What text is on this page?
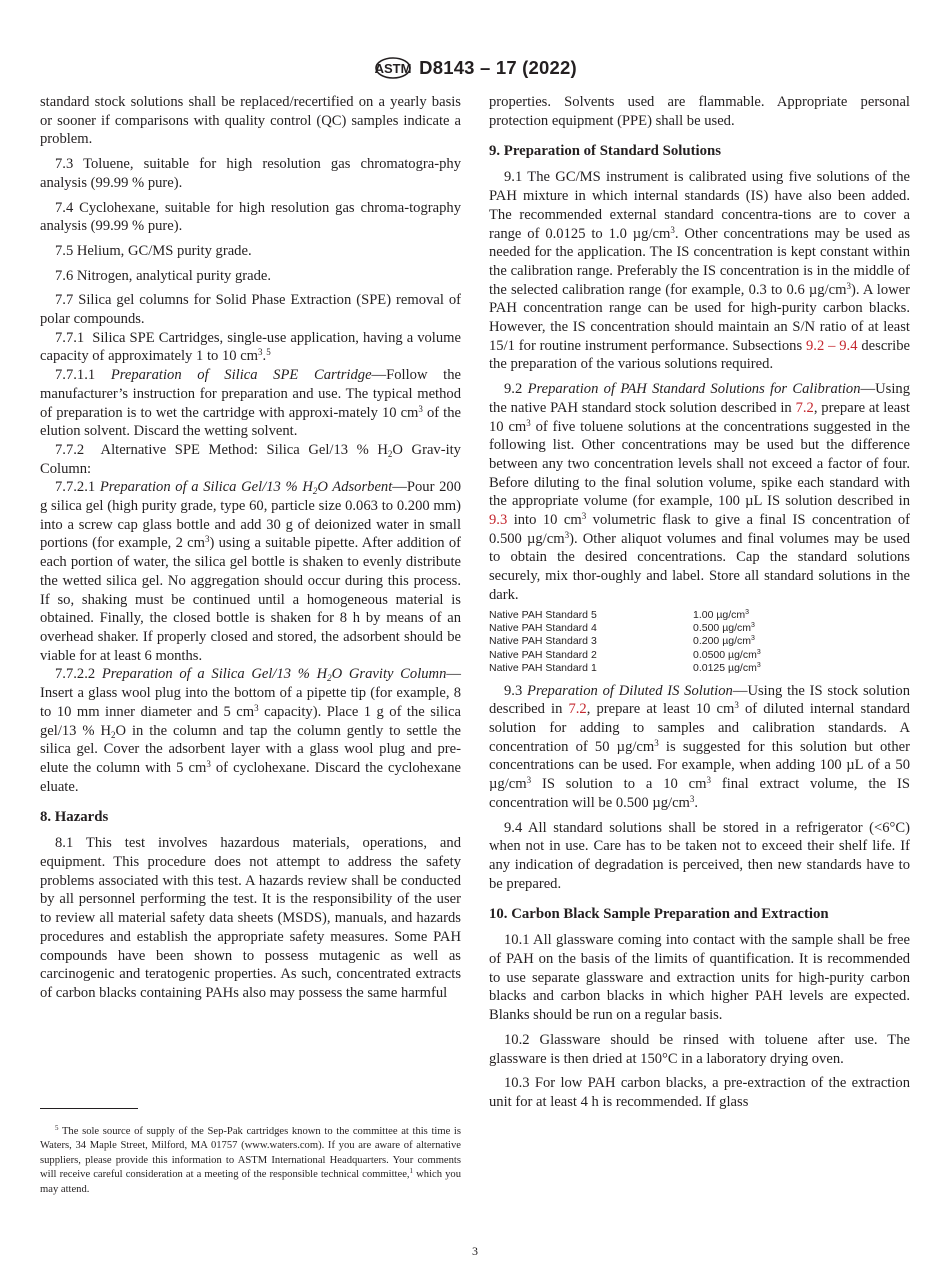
ASTM D8143 – 17 (2022)

standard stock solutions shall be replaced/recertified on a yearly basis or sooner if comparisons with quality control (QC) samples indicate a problem.

7.3 Toluene, suitable for high resolution gas chromatogra-phy analysis (99.99 % pure).

7.4 Cyclohexane, suitable for high resolution gas chroma-tography analysis (99.99 % pure).

7.5 Helium, GC/MS purity grade.

7.6 Nitrogen, analytical purity grade.

7.7 Silica gel columns for Solid Phase Extraction (SPE) removal of polar compounds.

7.7.1 Silica SPE Cartridges, single-use application, having a volume capacity of approximately 1 to 10 $cm^3.^5$

7.7.1.1 Preparation of Silica SPE Cartridge—Follow the manufacturer’s instruction for preparation and use. The typical method of preparation is to wet the cartridge with approxi-mately 10 $cm^3$ of the elution solvent. Discard the wetting solvent.

7.7.2 Alternative SPE Method: Silica Gel/13 % $H_2O$ Grav-ity Column:

7.7.2.1 Preparation of a Silica Gel/13 % $H_2O$ Adsorbent—Pour 200 g silica gel (high purity grade, type 60, particle size 0.063 to 0.200 mm) into a screw cap glass bottle and add 30 g of deionized water in small portions (for example, 2 $cm^3$) using a suitable pipette. After addition of each portion of water, the silica gel bottle is shaken to evenly distribute the wetted silica gel. No aggregation should occur during this process. If so, shaking must be continued until a homogeneous material is obtained. Finally, the closed bottle is shaken for 8 h by means of an overhead shaker. If properly closed and stored, the adsorbent should be viable for at least 6 months.

7.7.2.2 Preparation of a Silica Gel/13 % $H_2O$ Gravity Column—Insert a glass wool plug into the bottom of a pipette tip (for example, 8 to 10 mm inner diameter and 5 $cm^3$ capacity). Place 1 g of the silica gel/13 % $H_2O$ in the column and tap the column gently to settle the silica gel. Cover the adsorbent layer with a glass wool plug and pre-elute the column with 5 $cm^3$ of cyclohexane. Discard the cyclohexane eluate.

8. Hazards

8.1 This test involves hazardous materials, operations, and equipment. This procedure does not attempt to address the safety problems associated with this test. A hazards review shall be conducted by all personnel performing the test. It is the responsibility of the user to review all material safety data sheets (MSDS), manuals, and hazards procedures and establish the appropriate safety measures. Some PAH compounds have been shown to possess mutagenic as well as carcinogenic and teratogenic properties. As such, concentrated extracts of carbon blacks containing PAHs also may possess the same harmful

$^5$ The sole source of supply of the Sep-Pak cartridges known to the committee at this time is Waters, 34 Maple Street, Milford, MA 01757 (www.waters.com). If you are aware of alternative suppliers, please provide this information to ASTM International Headquarters. Your comments will receive careful consideration at a meeting of the responsible technical committee,$^1$ which you may attend.

properties. Solvents used are flammable. Appropriate personal protection equipment (PPE) shall be used.

9. Preparation of Standard Solutions

9.1 The GC/MS instrument is calibrated using five solutions of the PAH mixture in which internal standards (IS) have also been added. The recommended external standard concentra-tions are to cover a range of 0.0125 to 1.0 $\mu g/cm^3$. Other concentrations may be used as needed for the application. The IS concentration is kept constant within the calibration range. Preferably the IS concentration is in the middle of the selected calibration range (for example, 0.3 to 0.6 $\mu g/cm^3$). A lower PAH concentration range can be used for high-purity carbon blacks. However, the IS concentration should maintain an S/N ratio of at least 15/1 for routine instrument performance. Subsections 9.2 – 9.4 describe the preparation of the various solutions required.

9.2 Preparation of PAH Standard Solutions for Calibration—Using the native PAH standard stock solution described in 7.2, prepare at least 10 $cm^3$ of five toluene solutions at the concentrations suggested in the following list. Other concentrations may be used but the difference between any two concentration levels shall not exceed a factor of four. Before diluting to the final solution volume, spike each standard with the appropriate volume (for example, 100 µL IS solution described in 9.3 into 10 $cm^3$ volumetric flask to give a final IS concentration of 0.500 $\mu g/cm^3$). Other aliquot volumes and final volumes may be used to obtain the desired concentrations. Cap the standard solutions securely, mix thor-oughly and label. Store all standard solutions in the dark.

Native PAH Standard 5	1.00 $\mu g/cm^3$
Native PAH Standard 4	0.500 $\mu g/cm^3$
Native PAH Standard 3	0.200 $\mu g/cm^3$
Native PAH Standard 2	0.0500 $\mu g/cm^3$
Native PAH Standard 1	0.0125 $\mu g/cm^3$

9.3 Preparation of Diluted IS Solution—Using the IS stock solution described in 7.2, prepare at least 10 $cm^3$ of diluted internal standard solution for adding to samples and calibration standards. A concentration of 50 $\mu g/cm^3$ is suggested for this solution but other concentrations can be used. For example, when adding 100 µL of a 50 $\mu g/cm^3$ IS solution to a 10 $cm^3$ final extract volume, the IS concentration will be 0.500 $\mu g/cm^3$.

9.4 All standard solutions shall be stored in a refrigerator (<6°C) when not in use. Care has to be taken not to exceed their shelf life. If any indication of degradation is perceived, then new standards have to be prepared.

10. Carbon Black Sample Preparation and Extraction

10.1 All glassware coming into contact with the sample shall be free of PAH on the basis of the limits of quantification. It is recommended to use separate glassware and extraction units for high-purity carbon blacks and carbon blacks in which higher PAH levels are expected. Blanks should be run on a regular basis.

10.2 Glassware should be rinsed with toluene after use. The glassware is then dried at 150°C in a laboratory drying oven.

10.3 For low PAH carbon blacks, a pre-extraction of the extraction unit for at least 4 h is recommended. If glass

3
